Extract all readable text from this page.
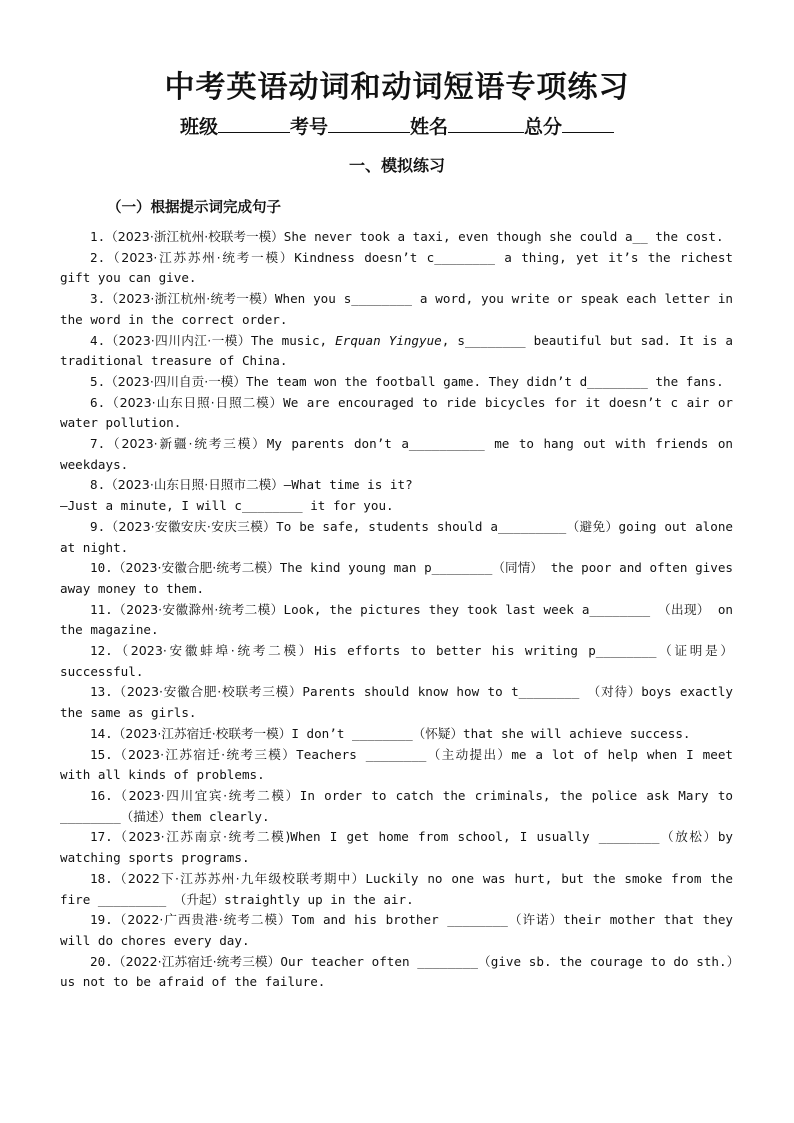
中考英语动词和动词短语专项练习
班级	考号	姓名	总分
一、模拟练习
（一）根据提示词完成句子
1.（2023·浙江杭州·校联考一模）She never took a taxi, even though she could a__ the cost.
2.（2023·江苏苏州·统考一模）Kindness doesn’t c________ a thing, yet it’s the richest gift you can give.
3.（2023·浙江杭州·统考一模）When you s________ a word, you write or speak each letter in the word in the correct order.
4.（2023·四川内江·一模）The music, Erquan Yingyue, s________ beautiful but sad. It is a traditional treasure of China.
5.（2023·四川自贡·一模）The team won the football game. They didn’t d________ the fans.
6.（2023·山东日照·日照二模）We are encouraged to ride bicycles for it doesn’t c air or water pollution.
7.（2023·新疆·统考三模）My parents don’t a__________ me to hang out with friends on weekdays.
8.（2023·山东日照·日照市二模）—What time is it?
—Just a minute, I will c________ it for you.
9.（2023·安徽安庆·安庆三模）To be safe, students should a_________（避免）going out alone at night.
10.（2023·安徽合肥·统考二模）The kind young man p________（同情） the poor and often gives away money to them.
11.（2023·安徽滁州·统考二模）Look, the pictures they took last week a________ （出现） on the magazine.
12.（2023·安徽蚌埠·统考二模）His efforts to better his writing p________（证明是） successful.
13.（2023·安徽合肥·校联考三模）Parents should know how to t________ （对待）boys exactly the same as girls.
14.（2023·江苏宿迁·校联考一模）I don’t ________（怀疑）that she will achieve success.
15.（2023·江苏宿迁·统考三模）Teachers ________（主动提出）me a lot of help when I meet with all kinds of problems.
16.（2023·四川宜宾·统考二模）In order to catch the criminals, the police ask Mary to ________（描述）them clearly.
17.（2023·江苏南京·统考二模)When I get home from school, I usually ________（放松）by watching sports programs.
18.（2022下·江苏苏州·九年级校联考期中）Luckily no one was hurt, but the smoke from the fire _________ （升起）straightly up in the air.
19.（2022·广西贵港·统考二模）Tom and his brother ________（许诺）their mother that they will do chores every day.
20.（2022·江苏宿迁·统考三模）Our teacher often ________（give sb. the courage to do sth.）us not to be afraid of the failure.
